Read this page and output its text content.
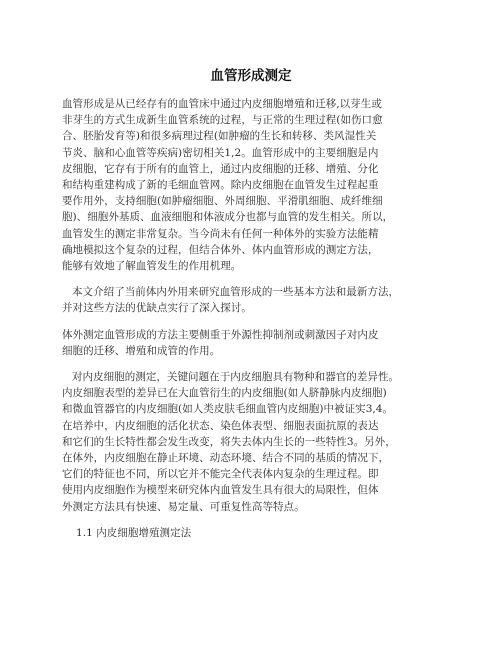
血管形成测定
血管形成是从已经存有的血管床中通过内皮细胞增殖和迁移,以芽生或
非芽生的方式生成新生血管系统的过程，与正常的生理过程(如伤口愈
合、胚胎发育等)和很多病理过程(如肿瘤的生长和转移、类风湿性关
节炎、脑和心血管等疾病)密切相关1,2。血管形成中的主要细胞是内
皮细胞，它存有于所有的血管上，通过内皮细胞的迁移、增殖、分化
和结构重建构成了新的毛细血管网。除内皮细胞在血管发生过程起重
要作用外，支持细胞(如肿瘤细胞、外周细胞、平滑肌细胞、成纤维细
胞)、细胞外基质、血液细胞和体液成分也都与血管的发生相关。所以，
血管发生的测定非常复杂。当今尚未有任何一种体外的实验方法能精
确地模拟这个复杂的过程，但结合体外、体内血管形成的测定方法，
能够有效地了解血管发生的作用机理。
本文介绍了当前体内外用来研究血管形成的一些基本方法和最新方法，
并对这些方法的优缺点实行了深入探讨。
体外测定血管形成的方法主要侧重于外源性抑制剂或刺激因子对内皮
细胞的迁移、增殖和成管的作用。
对内皮细胞的测定，关键问题在于内皮细胞具有物种和器官的差异性。
内皮细胞表型的差异已在大血管衍生的内皮细胞(如人脐静脉内皮细胞)
和微血管器官的内皮细胞(如人类皮肤毛细血管内皮细胞)中被证实3,4。
在培养中，内皮细胞的活化状态、染色体表型、细胞表面抗原的表达
和它们的生长特性都会发生改变，将失去体内生长的一些特性3。另外，
在体外，内皮细胞在静止环境、动态环境、结合不同的基质的情况下，
它们的特征也不同，所以它并不能完全代表体内复杂的生理过程。即
使用内皮细胞作为模型来研究体内血管发生具有很大的局限性，但体
外测定方法具有快速、易定量、可重复性高等特点。
1.1 内皮细胞增殖测定法
